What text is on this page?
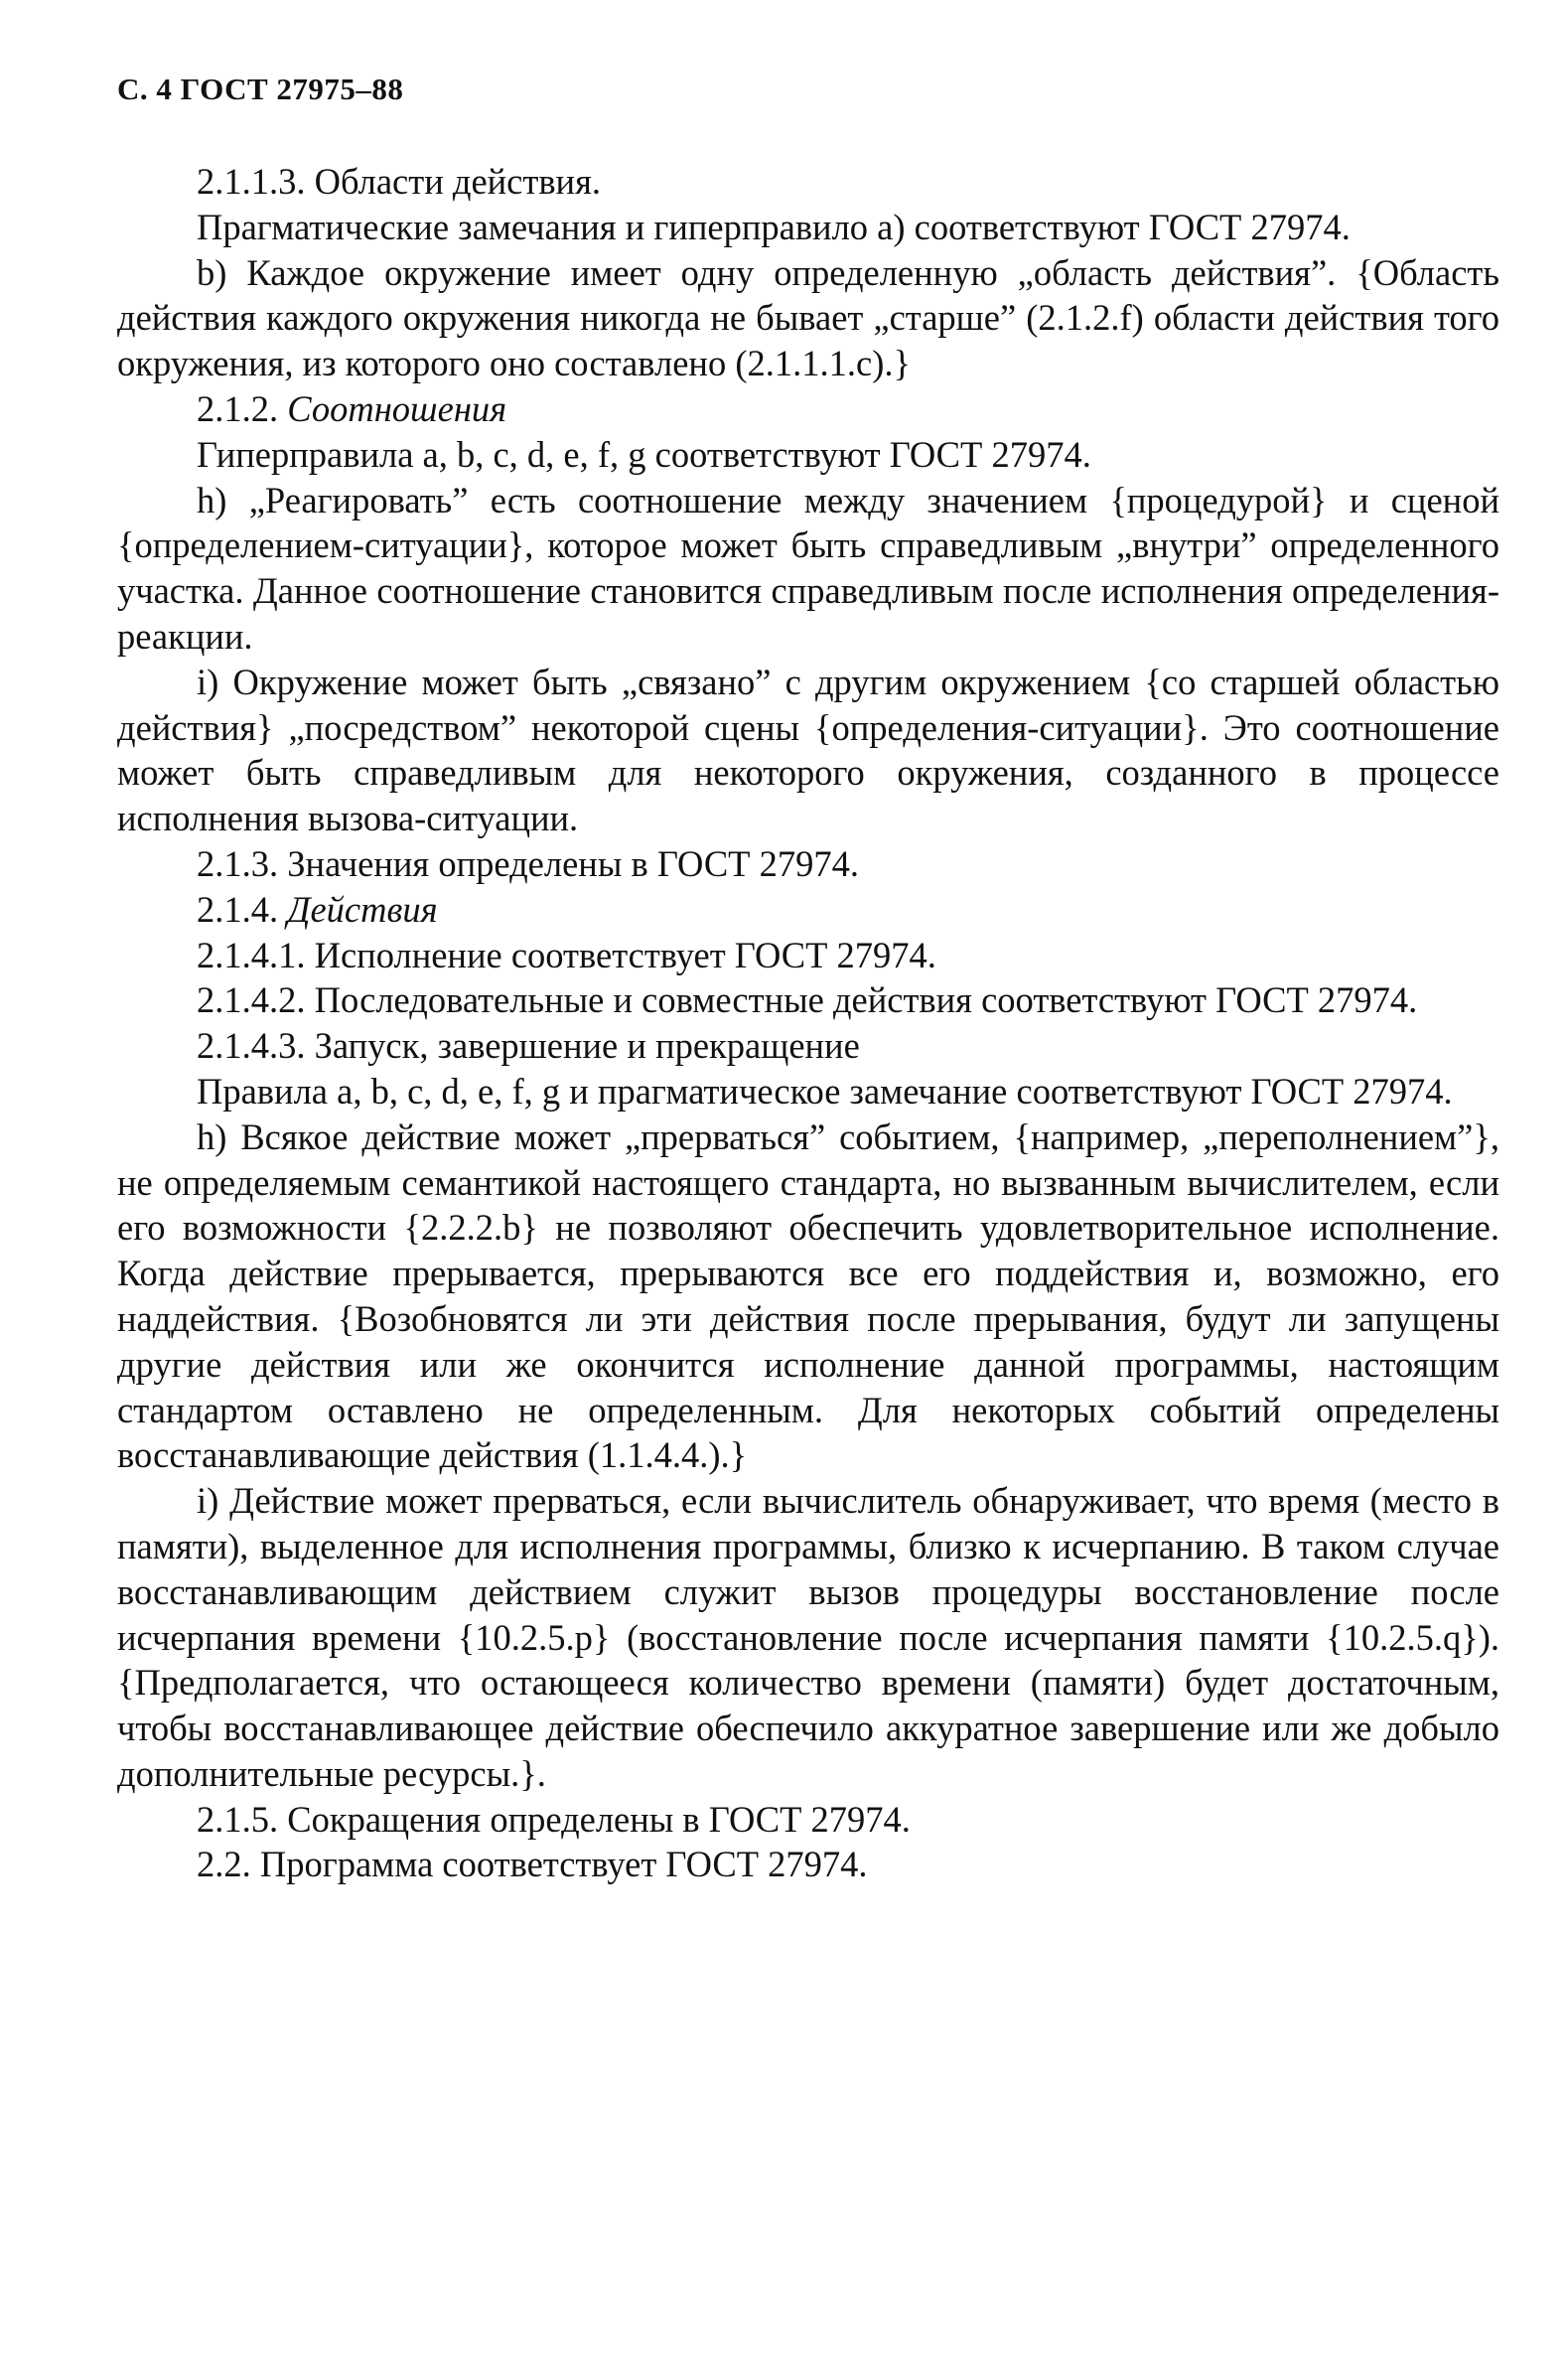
С. 4 ГОСТ 27975–88

2.1.1.3. Области действия.

Прагматические замечания и гиперправило а) соответствуют ГОСТ 27974.

b) Каждое окружение имеет одну определенную „область действия”. {Область действия каждого окружения никогда не бывает „старше” (2.1.2.f) области действия того окружения, из которого оно составлено (2.1.1.1.с).}

2.1.2. Соотношения

Гиперправила a, b, c, d, e, f, g соответствуют ГОСТ 27974.

h) „Реагировать” есть соотношение между значением {процедурой} и сценой {определением-ситуации}, которое может быть справедливым „внутри” определенного участка. Данное соотношение становится справедливым после исполнения определения-реакции.

i) Окружение может быть „связано” с другим окружением {со старшей областью действия} „посредством” некоторой сцены {определения-ситуации}. Это соотношение может быть справедливым для некоторого окружения, созданного в процессе исполнения вызова-ситуации.

2.1.3. Значения определены в ГОСТ 27974.

2.1.4. Действия

2.1.4.1. Исполнение соответствует ГОСТ 27974.

2.1.4.2. Последовательные и совместные действия соответствуют ГОСТ 27974.

2.1.4.3. Запуск, завершение и прекращение

Правила a, b, c, d, e, f, g и прагматическое замечание соответствуют ГОСТ 27974.

h) Всякое действие может „прерваться” событием, {например, „переполнением”}, не определяемым семантикой настоящего стандарта, но вызванным вычислителем, если его возможности {2.2.2.b} не позволяют обеспечить удовлетворительное исполнение. Когда действие прерывается, прерываются все его поддействия и, возможно, его наддействия. {Возобновятся ли эти действия после прерывания, будут ли запущены другие действия или же окончится исполнение данной программы, настоящим стандартом оставлено не определенным. Для некоторых событий определены восстанавливающие действия (1.1.4.4.).}

i) Действие может прерваться, если вычислитель обнаруживает, что время (место в памяти), выделенное для исполнения программы, близко к исчерпанию. В таком случае восстанавливающим действием служит вызов процедуры восстановление после исчерпания времени {10.2.5.р} (восстановление после исчерпания памяти {10.2.5.q}). {Предполагается, что остающееся количество времени (памяти) будет достаточным, чтобы восстанавливающее действие обеспечило аккуратное завершение или же добыло дополнительные ресурсы.}.

2.1.5. Сокращения определены в ГОСТ 27974.

2.2. Программа соответствует ГОСТ 27974.
